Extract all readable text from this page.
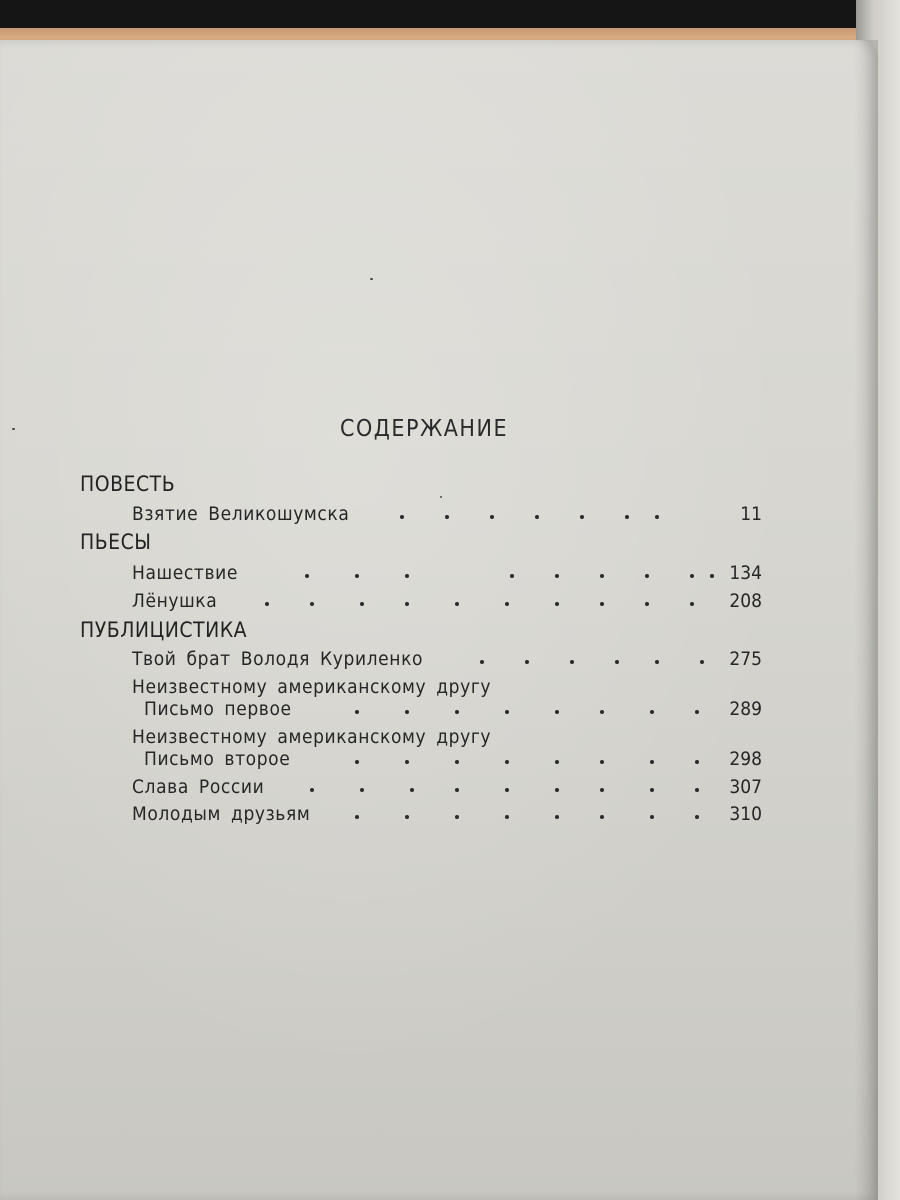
СОДЕРЖАНИЕ
ПОВЕСТЬ
Взятие Великошумска	11
ПЬЕСЫ
Нашествие	134
Лёнушка	208
ПУБЛИЦИСТИКА
Твой брат Володя Куриленко	275
Неизвестному американскому другу
Письмо первое	289
Неизвестному американскому другу
Письмо второе	298
Слава России	307
Молодым друзьям	310
